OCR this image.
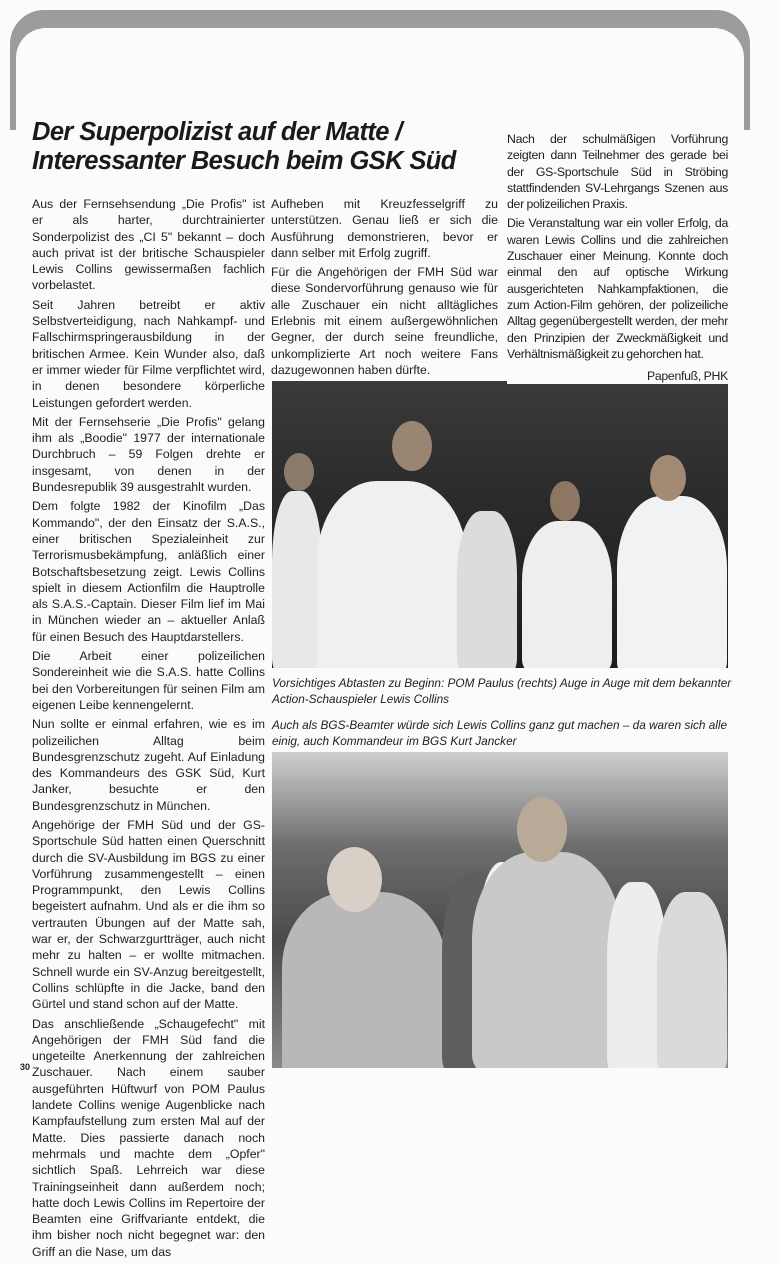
Der Superpolizist auf der Matte /
Interessanter Besuch beim GSK Süd

Aus der Fernsehsendung „Die Profis" ist er als harter, durchtrainierter Sonderpolizist des „CI 5" bekannt – doch auch privat ist der britische Schauspieler Lewis Collins gewissermaßen fachlich vorbelastet.

Seit Jahren betreibt er aktiv Selbstverteidigung, nach Nahkampf- und Fallschirmspringerausbildung in der britischen Armee. Kein Wunder also, daß er immer wieder für Filme verpflichtet wird, in denen besondere körperliche Leistungen gefordert werden.

Mit der Fernsehserie „Die Profis" gelang ihm als „Boodie" 1977 der internationale Durchbruch – 59 Folgen drehte er insgesamt, von denen in der Bundesrepublik 39 ausgestrahlt wurden.

Dem folgte 1982 der Kinofilm „Das Kommando", der den Einsatz der S.A.S., einer britischen Spezialeinheit zur Terrorismusbekämpfung, anläßlich einer Botschaftsbesetzung zeigt. Lewis Collins spielt in diesem Actionfilm die Hauptrolle als S.A.S.-Captain. Dieser Film lief im Mai in München wieder an – aktueller Anlaß für einen Besuch des Hauptdarstellers.

Die Arbeit einer polizeilichen Sondereinheit wie die S.A.S. hatte Collins bei den Vorbereitungen für seinen Film am eigenen Leibe kennengelernt.

Nun sollte er einmal erfahren, wie es im polizeilichen Alltag beim Bundesgrenzschutz zugeht. Auf Einladung des Kommandeurs des GSK Süd, Kurt Janker, besuchte er den Bundesgrenzschutz in München.

Angehörige der FMH Süd und der GS-Sportschule Süd hatten einen Querschnitt durch die SV-Ausbildung im BGS zu einer Vorführung zusammengestellt – einen Programmpunkt, den Lewis Collins begeistert aufnahm. Und als er die ihm so vertrauten Übungen auf der Matte sah, war er, der Schwarzgurtträger, auch nicht mehr zu halten – er wollte mitmachen. Schnell wurde ein SV-Anzug bereitgestellt, Collins schlüpfte in die Jacke, band den Gürtel und stand schon auf der Matte.

Das anschließende „Schaugefecht" mit Angehörigen der FMH Süd fand die ungeteilte Anerkennung der zahlreichen Zuschauer. Nach einem sauber ausgeführten Hüftwurf von POM Paulus landete Collins wenige Augenblicke nach Kampfaufstellung zum ersten Mal auf der Matte. Dies passierte danach noch mehrmals und machte dem „Opfer" sichtlich Spaß. Lehrreich war diese Trainingseinheit dann außerdem noch; hatte doch Lewis Collins im Repertoire der Beamten eine Griffvariante entdekt, die ihm bisher noch nicht begegnet war: den Griff an die Nase, um das

Aufheben mit Kreuzfesselgriff zu unterstützen. Genau ließ er sich die Ausführung demonstrieren, bevor er dann selber mit Erfolg zugriff.

Für die Angehörigen der FMH Süd war diese Sondervorführung genauso wie für alle Zuschauer ein nicht alltägliches Erlebnis mit einem außergewöhnlichen Gegner, der durch seine freundliche, unkomplizierte Art noch weitere Fans dazugewonnen haben dürfte.

Nach der schulmäßigen Vorführung zeigten dann Teilnehmer des gerade bei der GS-Sportschule Süd in Ströbing stattfindenden SV-Lehrgangs Szenen aus der polizeilichen Praxis.

Die Veranstaltung war ein voller Erfolg, da waren Lewis Collins und die zahlreichen Zuschauer einer Meinung. Konnte doch einmal den auf optische Wirkung ausgerichteten Nahkampfaktionen, die zum Action-Film gehören, der polizeiliche Alltag gegenübergestellt werden, der mehr den Prinzipien der Zweckmäßigkeit und Verhältnismäßigkeit zu gehorchen hat.

Papenfuß, PHK

Vorsichtiges Abtasten zu Beginn: POM Paulus (rechts) Auge in Auge mit dem bekannter Action-Schauspieler Lewis Collins
Auch als BGS-Beamter würde sich Lewis Collins ganz gut machen – da waren sich alle einig, auch Kommandeur im BGS Kurt Jancker
30
